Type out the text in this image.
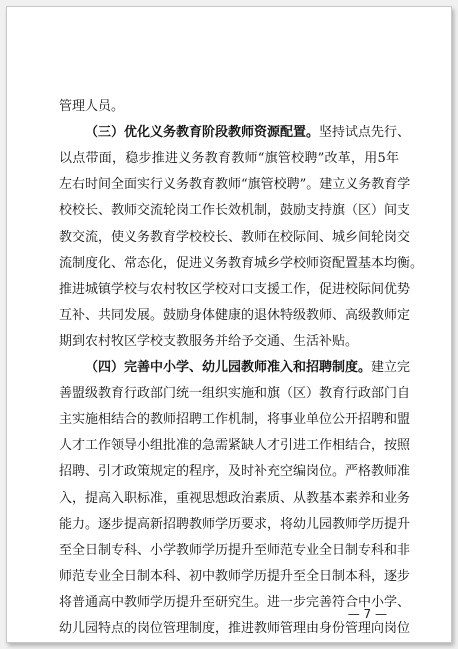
管理人员。
（三）优化义务教育阶段教师资源配置。坚持试点先行、
以点带面，稳步推进义务教育教师“旗管校聘”改革，用5年
左右时间全面实行义务教育教师“旗管校聘”。建立义务教育学
校校长、教师交流轮岗工作长效机制，鼓励支持旗（区）间支
教交流，使义务教育学校校长、教师在校际间、城乡间轮岗交
流制度化、常态化，促进义务教育城乡学校师资配置基本均衡。
推进城镇学校与农村牧区学校对口支援工作，促进校际间优势
互补、共同发展。鼓励身体健康的退休特级教师、高级教师定
期到农村牧区学校支教服务并给予交通、生活补贴。
（四）完善中小学、幼儿园教师准入和招聘制度。建立完
善盟级教育行政部门统一组织实施和旗（区）教育行政部门自
主实施相结合的教师招聘工作机制，将事业单位公开招聘和盟
人才工作领导小组批准的急需紧缺人才引进工作相结合，按照
招聘、引才政策规定的程序，及时补充空编岗位。严格教师准
入，提高入职标准，重视思想政治素质、从教基本素养和业务
能力。逐步提高新招聘教师学历要求，将幼儿园教师学历提升
至全日制专科、小学教师学历提升至师范专业全日制专科和非
师范专业全日制本科、初中教师学历提升至全日制本科，逐步
将普通高中教师学历提升至研究生。进一步完善符合中小学、
幼儿园特点的岗位管理制度，推进教师管理由身份管理向岗位
— 7 —
